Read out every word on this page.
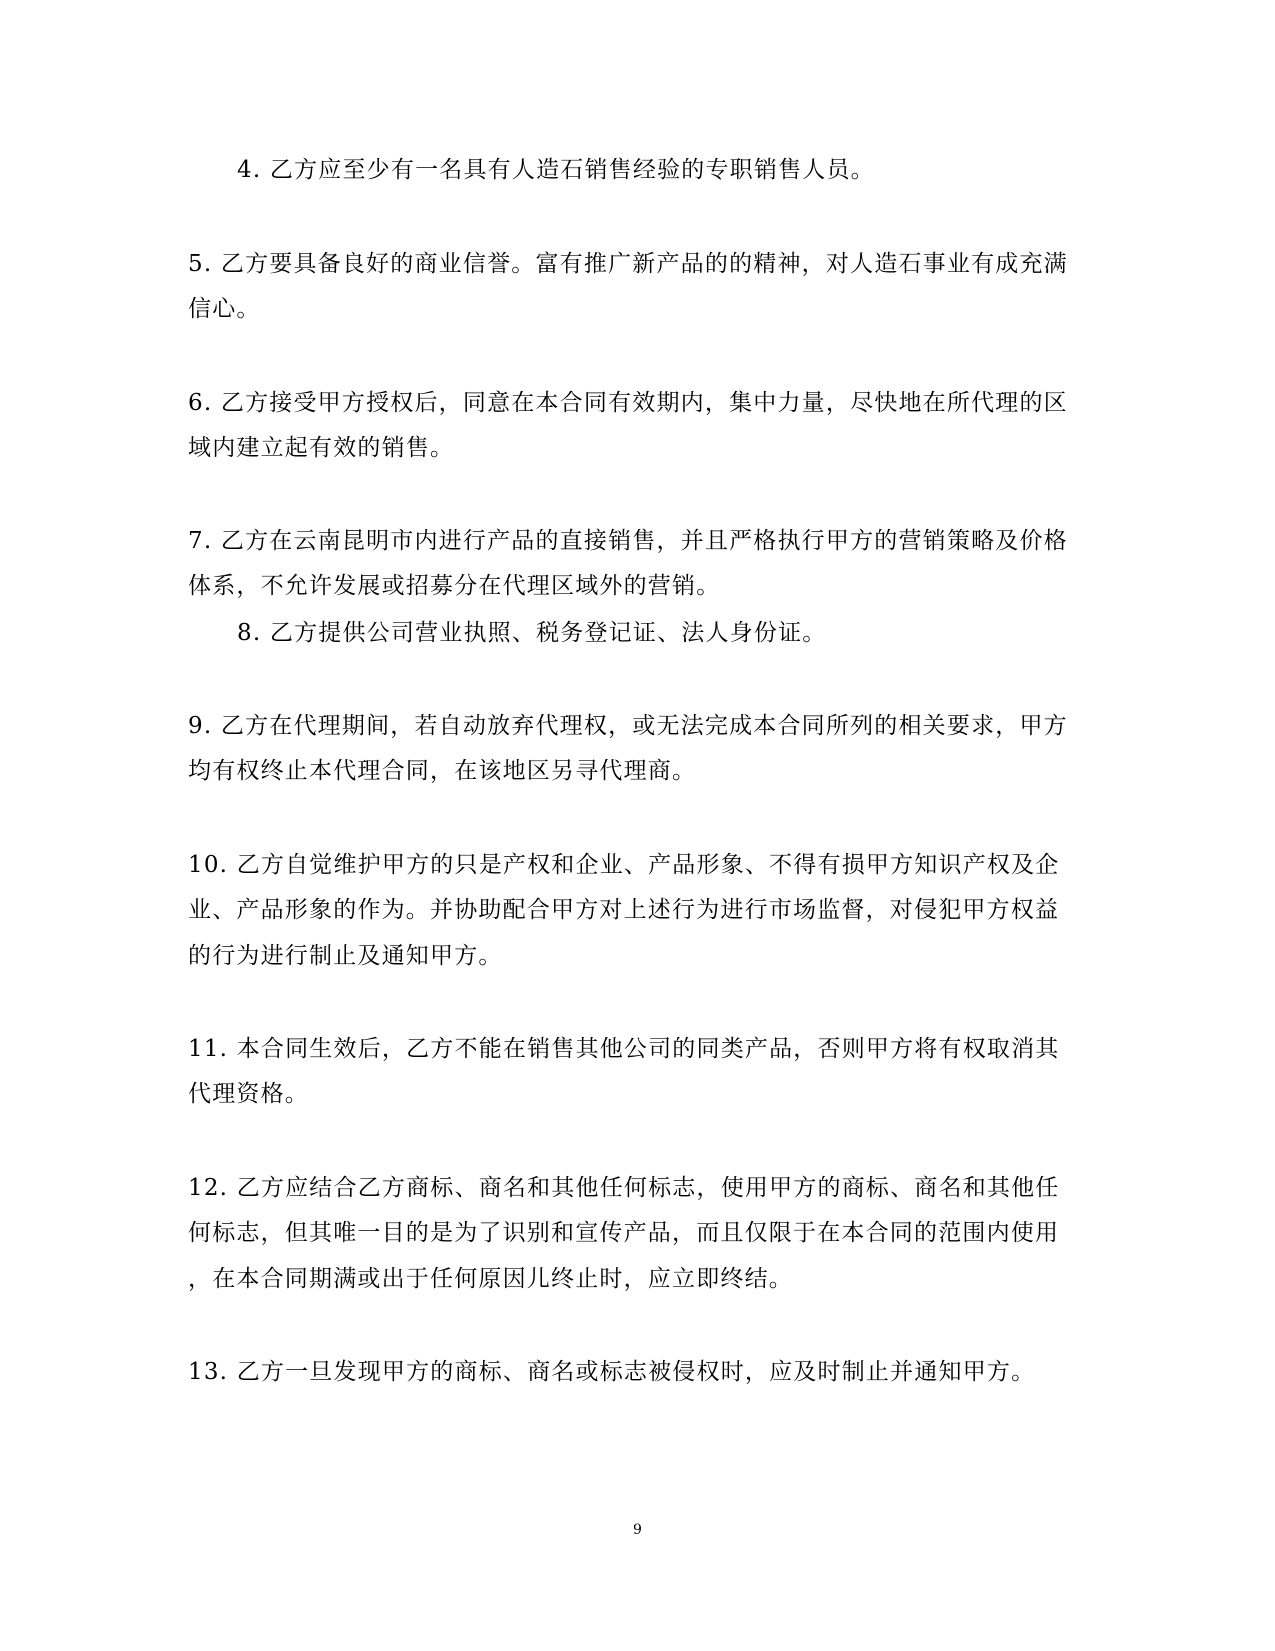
4. 乙方应至少有一名具有人造石销售经验的专职销售人员。
5. 乙方要具备良好的商业信誉。富有推广新产品的的精神，对人造石事业有成充满
信心。
6. 乙方接受甲方授权后，同意在本合同有效期内，集中力量，尽快地在所代理的区
域内建立起有效的销售。
7. 乙方在云南昆明市内进行产品的直接销售，并且严格执行甲方的营销策略及价格
体系，不允许发展或招募分在代理区域外的营销。
8. 乙方提供公司营业执照、税务登记证、法人身份证。
9. 乙方在代理期间，若自动放弃代理权，或无法完成本合同所列的相关要求，甲方
均有权终止本代理合同，在该地区另寻代理商。
10. 乙方自觉维护甲方的只是产权和企业、产品形象、不得有损甲方知识产权及企
业、产品形象的作为。并协助配合甲方对上述行为进行市场监督，对侵犯甲方权益
的行为进行制止及通知甲方。
11. 本合同生效后，乙方不能在销售其他公司的同类产品，否则甲方将有权取消其
代理资格。
12. 乙方应结合乙方商标、商名和其他任何标志，使用甲方的商标、商名和其他任
何标志，但其唯一目的是为了识别和宣传产品，而且仅限于在本合同的范围内使用
，在本合同期满或出于任何原因儿终止时，应立即终结。
13. 乙方一旦发现甲方的商标、商名或标志被侵权时，应及时制止并通知甲方。
9
